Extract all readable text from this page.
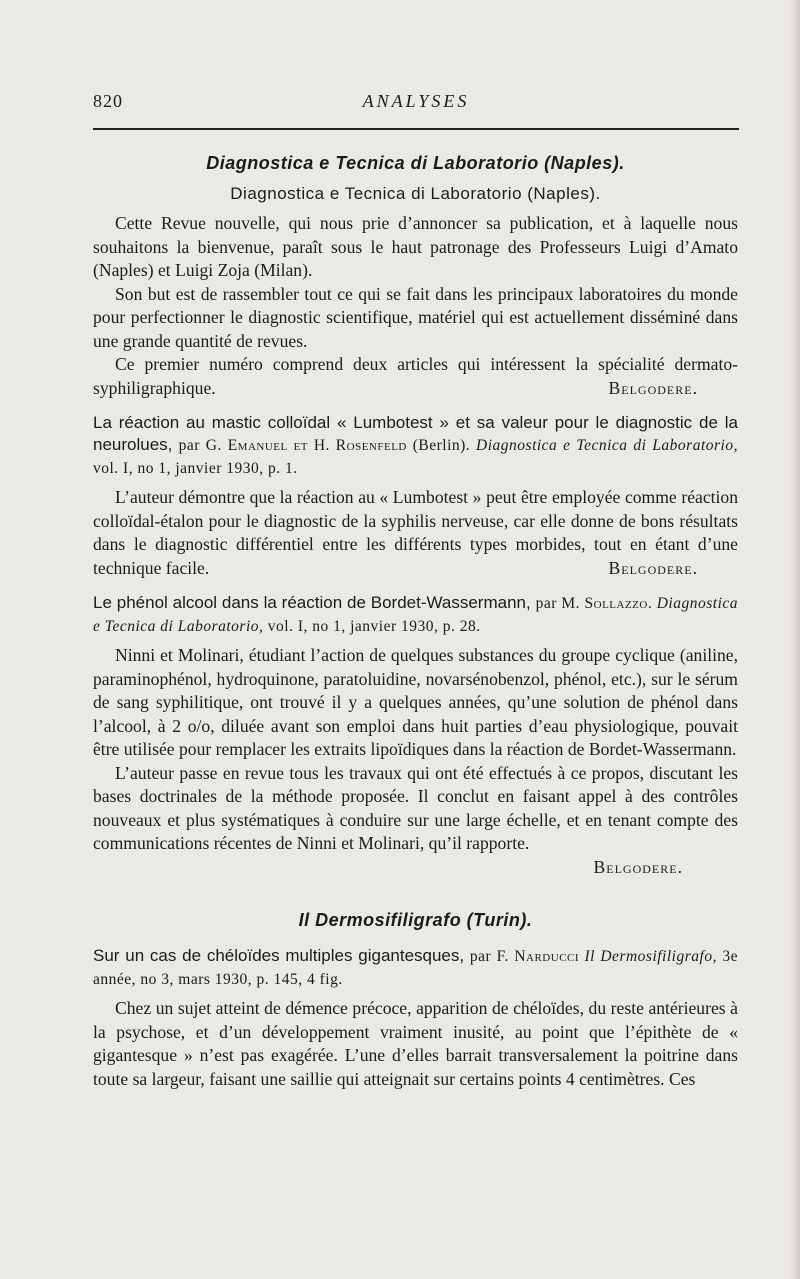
820	ANALYSES
Diagnostica e Tecnica di Laboratorio (Naples).
Diagnostica e Tecnica di Laboratorio (Naples).

Cette Revue nouvelle, qui nous prie d’annoncer sa publication, et à laquelle nous souhaitons la bienvenue, paraît sous le haut patronage des Professeurs Luigi d’Amato (Naples) et Luigi Zoja (Milan).

Son but est de rassembler tout ce qui se fait dans les principaux laboratoires du monde pour perfectionner le diagnostic scientifique, matériel qui est actuellement disséminé dans une grande quantité de revues.

Ce premier numéro comprend deux articles qui intéressent la spécialité dermato-syphiligraphique.	Belgodere.

La réaction au mastic colloïdal « Lumbotest » et sa valeur pour le diagnostic de la neurolues, par G. Emanuel et H. Rosenfeld (Berlin). Diagnostica e Tecnica di Laboratorio, vol. I, no 1, janvier 1930, p. 1.

L’auteur démontre que la réaction au « Lumbotest » peut être employée comme réaction colloïdal-étalon pour le diagnostic de la syphilis nerveuse, car elle donne de bons résultats dans le diagnostic différentiel entre les différents types morbides, tout en étant d’une technique facile.	Belgodere.

Le phénol alcool dans la réaction de Bordet-Wassermann, par M. Sollazzo. Diagnostica e Tecnica di Laboratorio, vol. I, no 1, janvier 1930, p. 28.

Ninni et Molinari, étudiant l’action de quelques substances du groupe cyclique (aniline, paraminophénol, hydroquinone, paratoluidine, novarsénobenzol, phénol, etc.), sur le sérum de sang syphilitique, ont trouvé il y a quelques années, qu’une solution de phénol dans l’alcool, à 2 o/o, diluée avant son emploi dans huit parties d’eau physiologique, pouvait être utilisée pour remplacer les extraits lipoïdiques dans la réaction de Bordet-Wassermann.

L’auteur passe en revue tous les travaux qui ont été effectués à ce propos, discutant les bases doctrinales de la méthode proposée. Il conclut en faisant appel à des contrôles nouveaux et plus systématiques à conduire sur une large échelle, et en tenant compte des communications récentes de Ninni et Molinari, qu’il rapporte.

Belgodere.

Il Dermosifiligrafo (Turin).
Sur un cas de chéloïdes multiples gigantesques, par F. Narducci Il Dermosifiligrafo, 3e année, no 3, mars 1930, p. 145, 4 fig.

Chez un sujet atteint de démence précoce, apparition de chéloïdes, du reste antérieures à la psychose, et d’un développement vraiment inusité, au point que l’épithète de « gigantesque » n’est pas exagérée. L’une d’elles barrait transversalement la poitrine dans toute sa largeur, faisant une saillie qui atteignait sur certains points 4 centimètres. Ces
